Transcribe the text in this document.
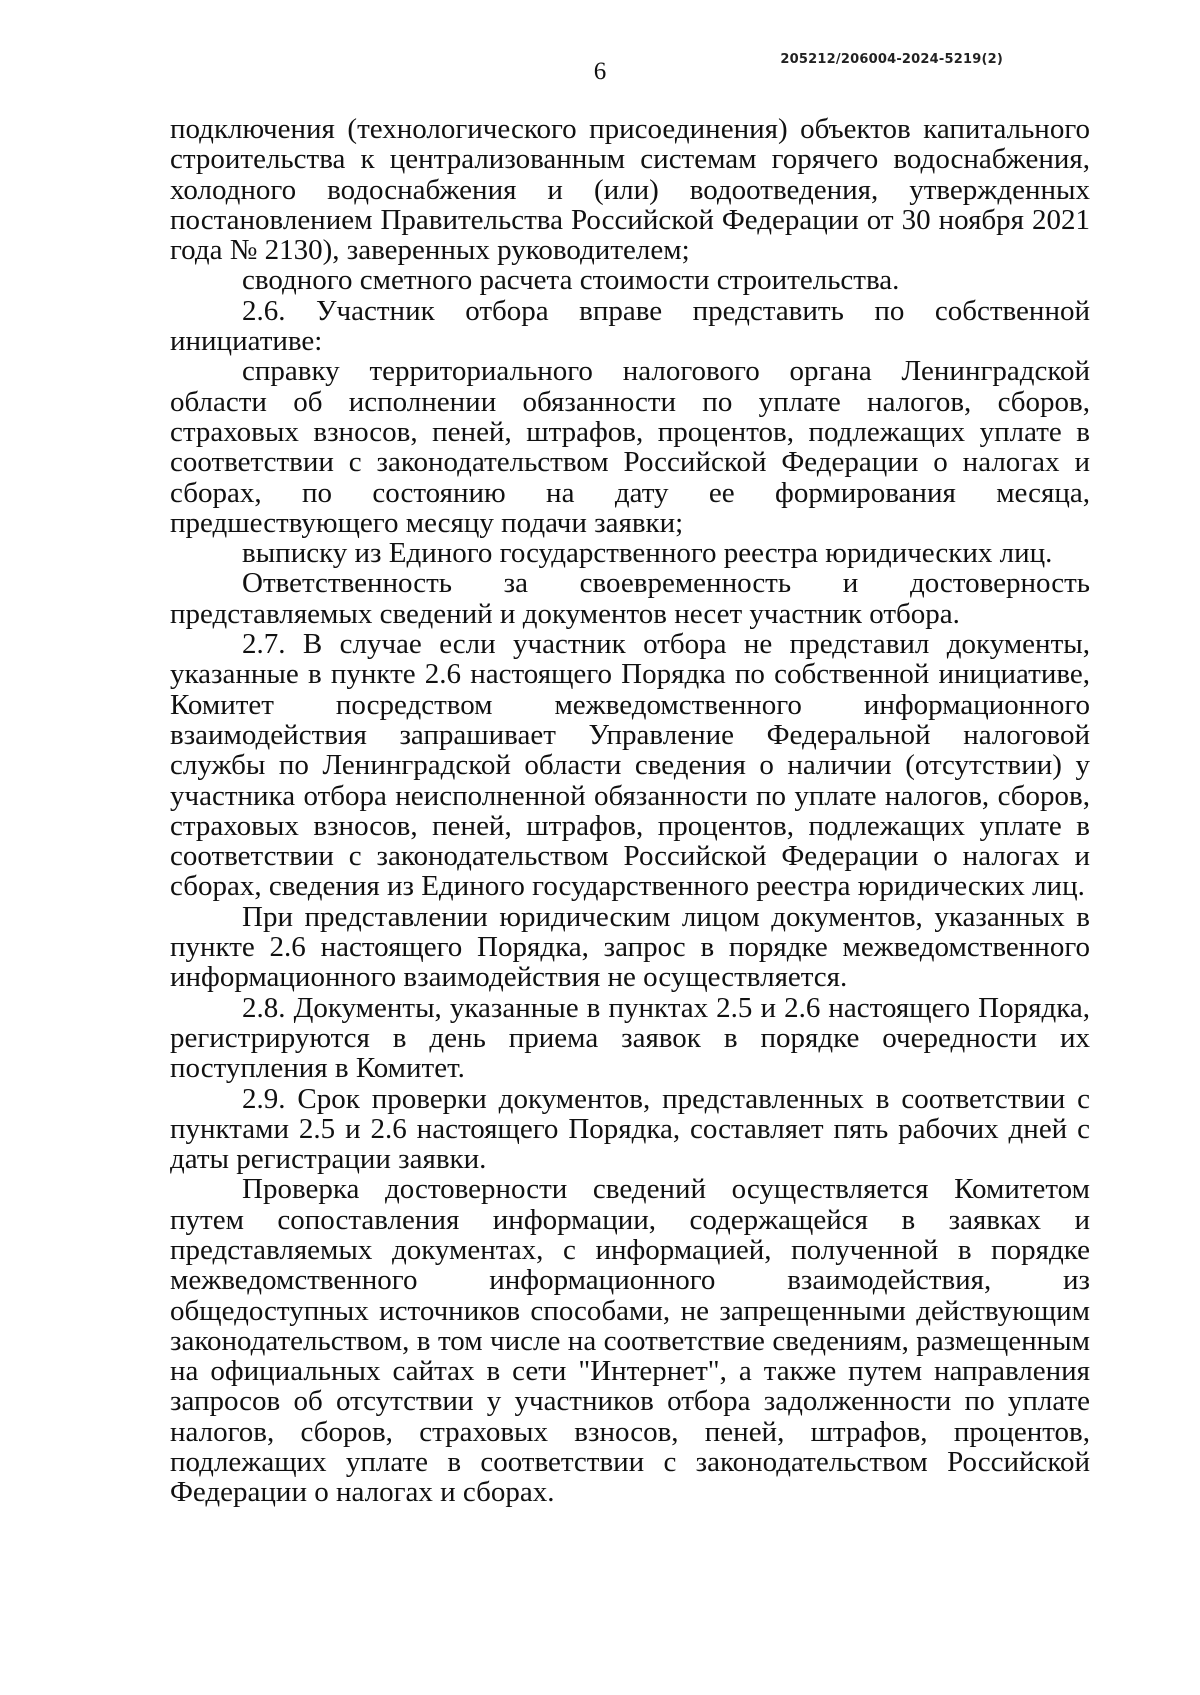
205212/206004-2024-5219(2)
6

подключения (технологического присоединения) объектов капитального строительства к централизованным системам горячего водоснабжения, холодного водоснабжения и (или) водоотведения, утвержденных постановлением Правительства Российской Федерации от 30 ноября 2021 года № 2130), заверенных руководителем;

сводного сметного расчета стоимости строительства.

2.6. Участник отбора вправе представить по собственной инициативе:

справку территориального налогового органа Ленинградской области об исполнении обязанности по уплате налогов, сборов, страховых взносов, пеней, штрафов, процентов, подлежащих уплате в соответствии с законодательством Российской Федерации о налогах и сборах, по состоянию на дату ее формирования месяца, предшествующего месяцу подачи заявки;

выписку из Единого государственного реестра юридических лиц.

Ответственность за своевременность и достоверность представляемых сведений и документов несет участник отбора.

2.7. В случае если участник отбора не представил документы, указанные в пункте 2.6 настоящего Порядка по собственной инициативе, Комитет посредством межведомственного информационного взаимодействия запрашивает Управление Федеральной налоговой службы по Ленинградской области сведения о наличии (отсутствии) у участника отбора неисполненной обязанности по уплате налогов, сборов, страховых взносов, пеней, штрафов, процентов, подлежащих уплате в соответствии с законодательством Российской Федерации о налогах и сборах, сведения из Единого государственного реестра юридических лиц.

При представлении юридическим лицом документов, указанных в пункте 2.6 настоящего Порядка, запрос в порядке межведомственного информационного взаимодействия не осуществляется.

2.8. Документы, указанные в пунктах 2.5 и 2.6 настоящего Порядка, регистрируются в день приема заявок в порядке очередности их поступления в Комитет.

2.9. Срок проверки документов, представленных в соответствии с пунктами 2.5 и 2.6 настоящего Порядка, составляет пять рабочих дней с даты регистрации заявки.

Проверка достоверности сведений осуществляется Комитетом путем сопоставления информации, содержащейся в заявках и представляемых документах, с информацией, полученной в порядке межведомственного информационного взаимодействия, из общедоступных источников способами, не запрещенными действующим законодательством, в том числе на соответствие сведениям, размещенным на официальных сайтах в сети "Интернет", а также путем направления запросов об отсутствии у участников отбора задолженности по уплате налогов, сборов, страховых взносов, пеней, штрафов, процентов, подлежащих уплате в соответствии с законодательством Российской Федерации о налогах и сборах.
